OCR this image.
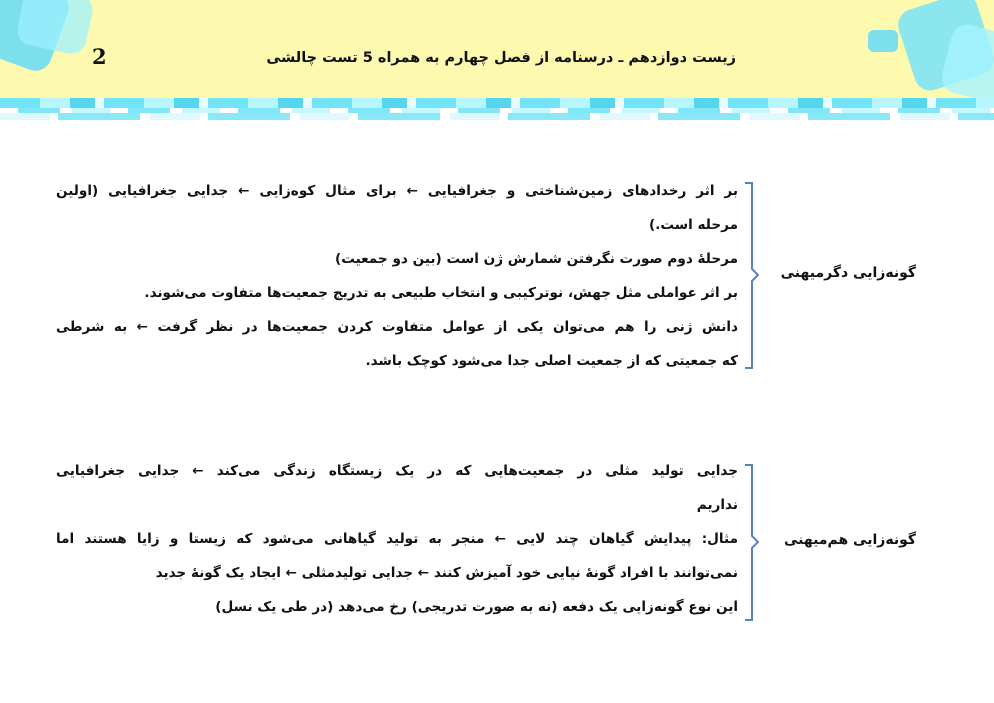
2	زیست دوازدهم ـ درسنامه از فصل چهارم به همراه 5 تست چالشی
گونه‌زایی دگرمیهنی
بر اثر رخدادهای زمین‌شناختی و جغرافیایی ← برای مثال کوه‌زایی ← جدایی جغرافیایی (اولین
مرحله است.)
مرحلۀ دوم صورت نگرفتن شمارش ژن است (بین دو جمعیت)
بر اثر عواملی مثل جهش، نوترکیبی و انتخاب طبیعی به تدریج جمعیت‌ها متفاوت می‌شوند.
دانش ژنی را هم می‌توان یکی از عوامل متفاوت کردن جمعیت‌ها در نظر گرفت ← به شرطی
که جمعیتی که از جمعیت اصلی جدا می‌شود کوچک باشد.
گونه‌زایی هم‌میهنی
جدایی تولید مثلی در جمعیت‌هایی که در یک زیستگاه زندگی می‌کند ← جدایی جغرافیایی
نداریم
مثال: پیدایش گیاهان چند لایی ← منجر به تولید گیاهانی می‌شود که زیستا و زایا هستند اما
نمی‌توانند با افراد گونۀ نیایی خود آمیزش کنند ← جدایی تولیدمثلی ← ایجاد یک گونۀ جدید
این نوع گونه‌زایی یک دفعه (نه به صورت تدریجی) رخ می‌دهد (در طی یک نسل)
